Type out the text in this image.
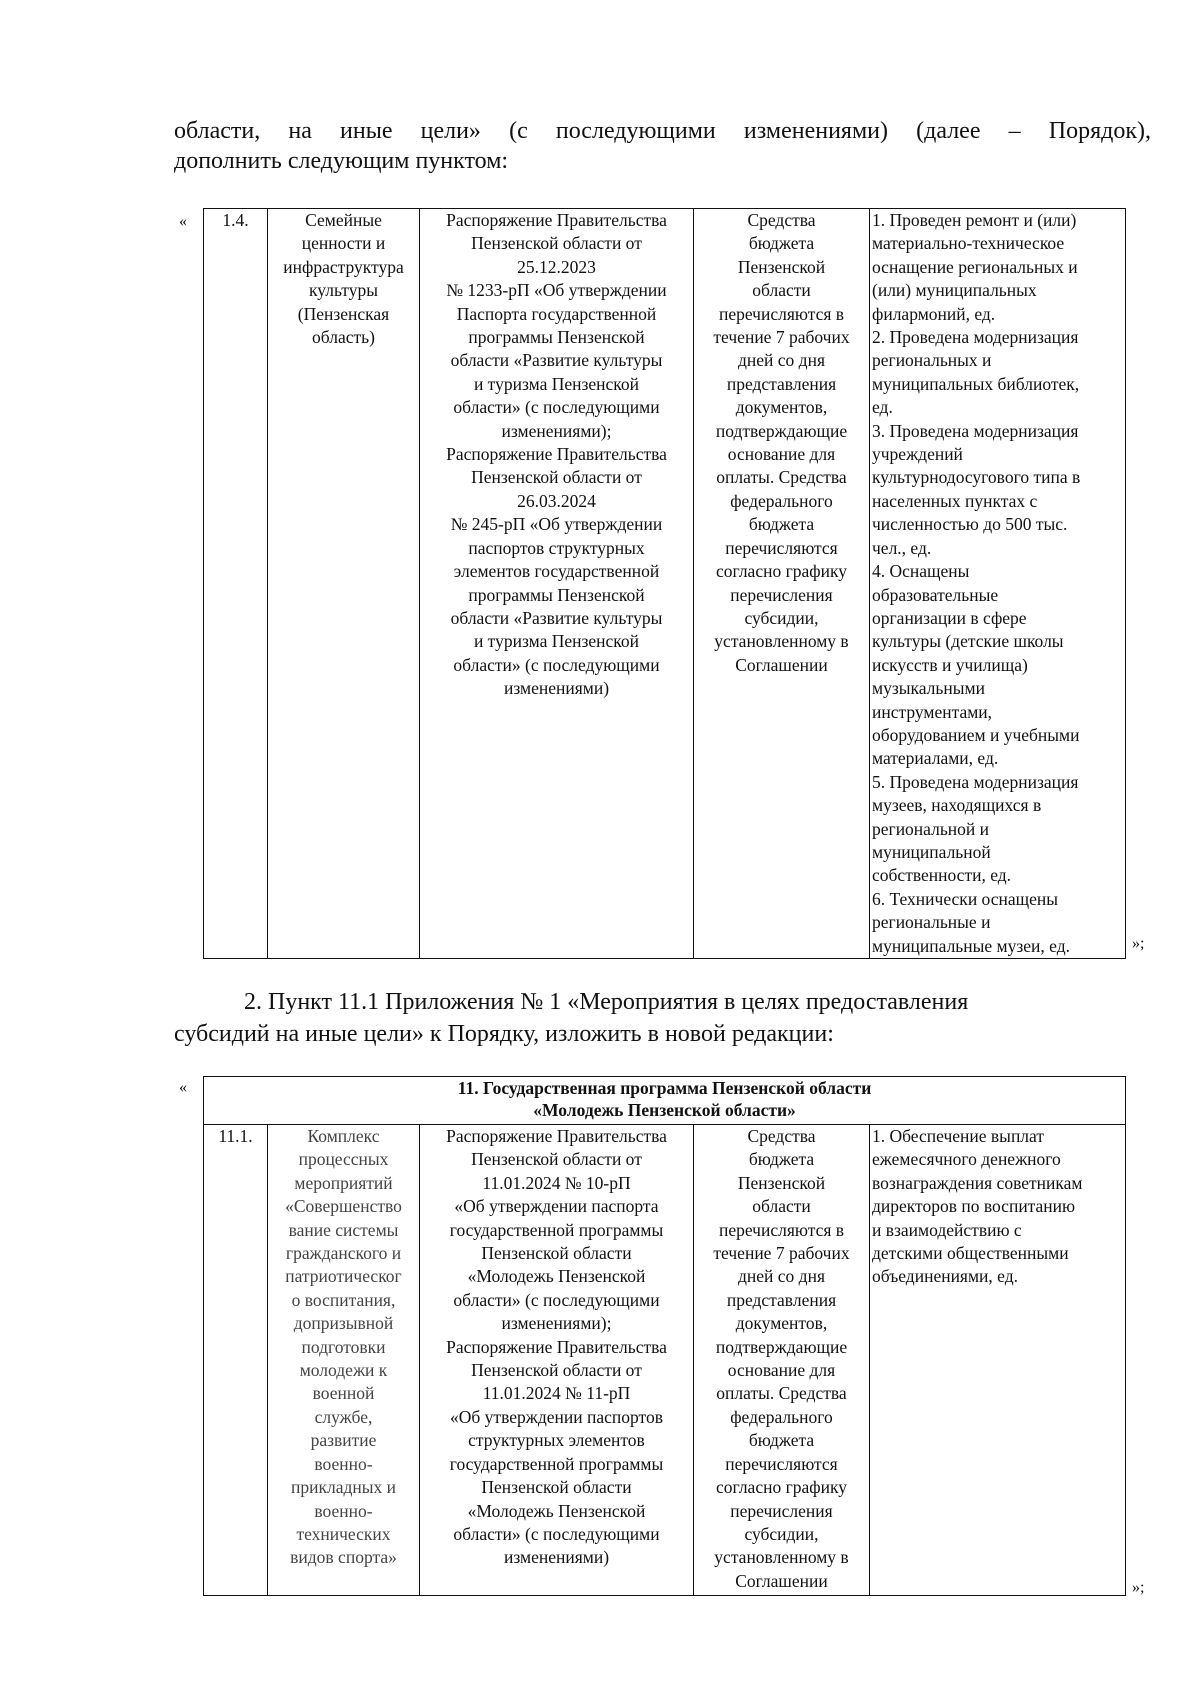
области, на иные цели» (с последующими изменениями) (далее – Порядок),

дополнить следующим пунктом:

« 1.4.	Семейные
ценности и
инфраструктура
культуры
(Пензенская
область)	Распоряжение Правительства
Пензенской области от
25.12.2023
№ 1233-рП «Об утверждении
Паспорта государственной
программы Пензенской
области «Развитие культуры
и туризма Пензенской
области» (с последующими
изменениями);
Распоряжение Правительства
Пензенской области от
26.03.2024
№ 245-рП «Об утверждении
паспортов структурных
элементов государственной
программы Пензенской
области «Развитие культуры
и туризма Пензенской
области» (с последующими
изменениями)	Средства
бюджета
Пензенской
области
перечисляются в
течение 7 рабочих
дней со дня
представления
документов,
подтверждающие
основание для
оплаты. Средства
федерального
бюджета
перечисляются
согласно графику
перечисления
субсидии,
установленному в
Соглашении	1. Проведен ремонт и (или)
материально-техническое
оснащение региональных и
(или) муниципальных
филармоний, ед.
2. Проведена модернизация
региональных и
муниципальных библиотек,
ед.
3. Проведена модернизация
учреждений
культурнодосугового типа в
населенных пунктах с
численностью до 500 тыс.
чел., ед.
4. Оснащены
образовательные
организации в сфере
культуры (детские школы
искусств и училища)
музыкальными
инструментами,
оборудованием и учебными
материалами, ед.
5. Проведена модернизация
музеев, находящихся в
региональной и
муниципальной
собственности, ед.
6. Технически оснащены
региональные и
муниципальные музеи, ед.	»;

2. Пункт 11.1 Приложения № 1 «Мероприятия в целях предоставления

субсидий на иные цели» к Порядку, изложить в новой редакции:

«	11. Государственная программа Пензенской области
«Молодежь Пензенской области»

11.1.	Комплекс
процессных
мероприятий
«Совершенство
вание системы
гражданского и
патриотическог
о воспитания,
допризывной
подготовки
молодежи к
военной
службе,
развитие
военно-
прикладных и
военно-
технических
видов спорта»	Распоряжение Правительства
Пензенской области от
11.01.2024 № 10-рП
«Об утверждении паспорта
государственной программы
Пензенской области
«Молодежь Пензенской
области» (с последующими
изменениями);
Распоряжение Правительства
Пензенской области от
11.01.2024 № 11-рП
«Об утверждении паспортов
структурных элементов
государственной программы
Пензенской области
«Молодежь Пензенской
области» (с последующими
изменениями)	Средства
бюджета
Пензенской
области
перечисляются в
течение 7 рабочих
дней со дня
представления
документов,
подтверждающие
основание для
оплаты. Средства
федерального
бюджета
перечисляются
согласно графику
перечисления
субсидии,
установленному в
Соглашении	1. Обеспечение выплат
ежемесячного денежного
вознаграждения советникам
директоров по воспитанию
и взаимодействию с
детскими общественными
объединениями, ед.
»;
